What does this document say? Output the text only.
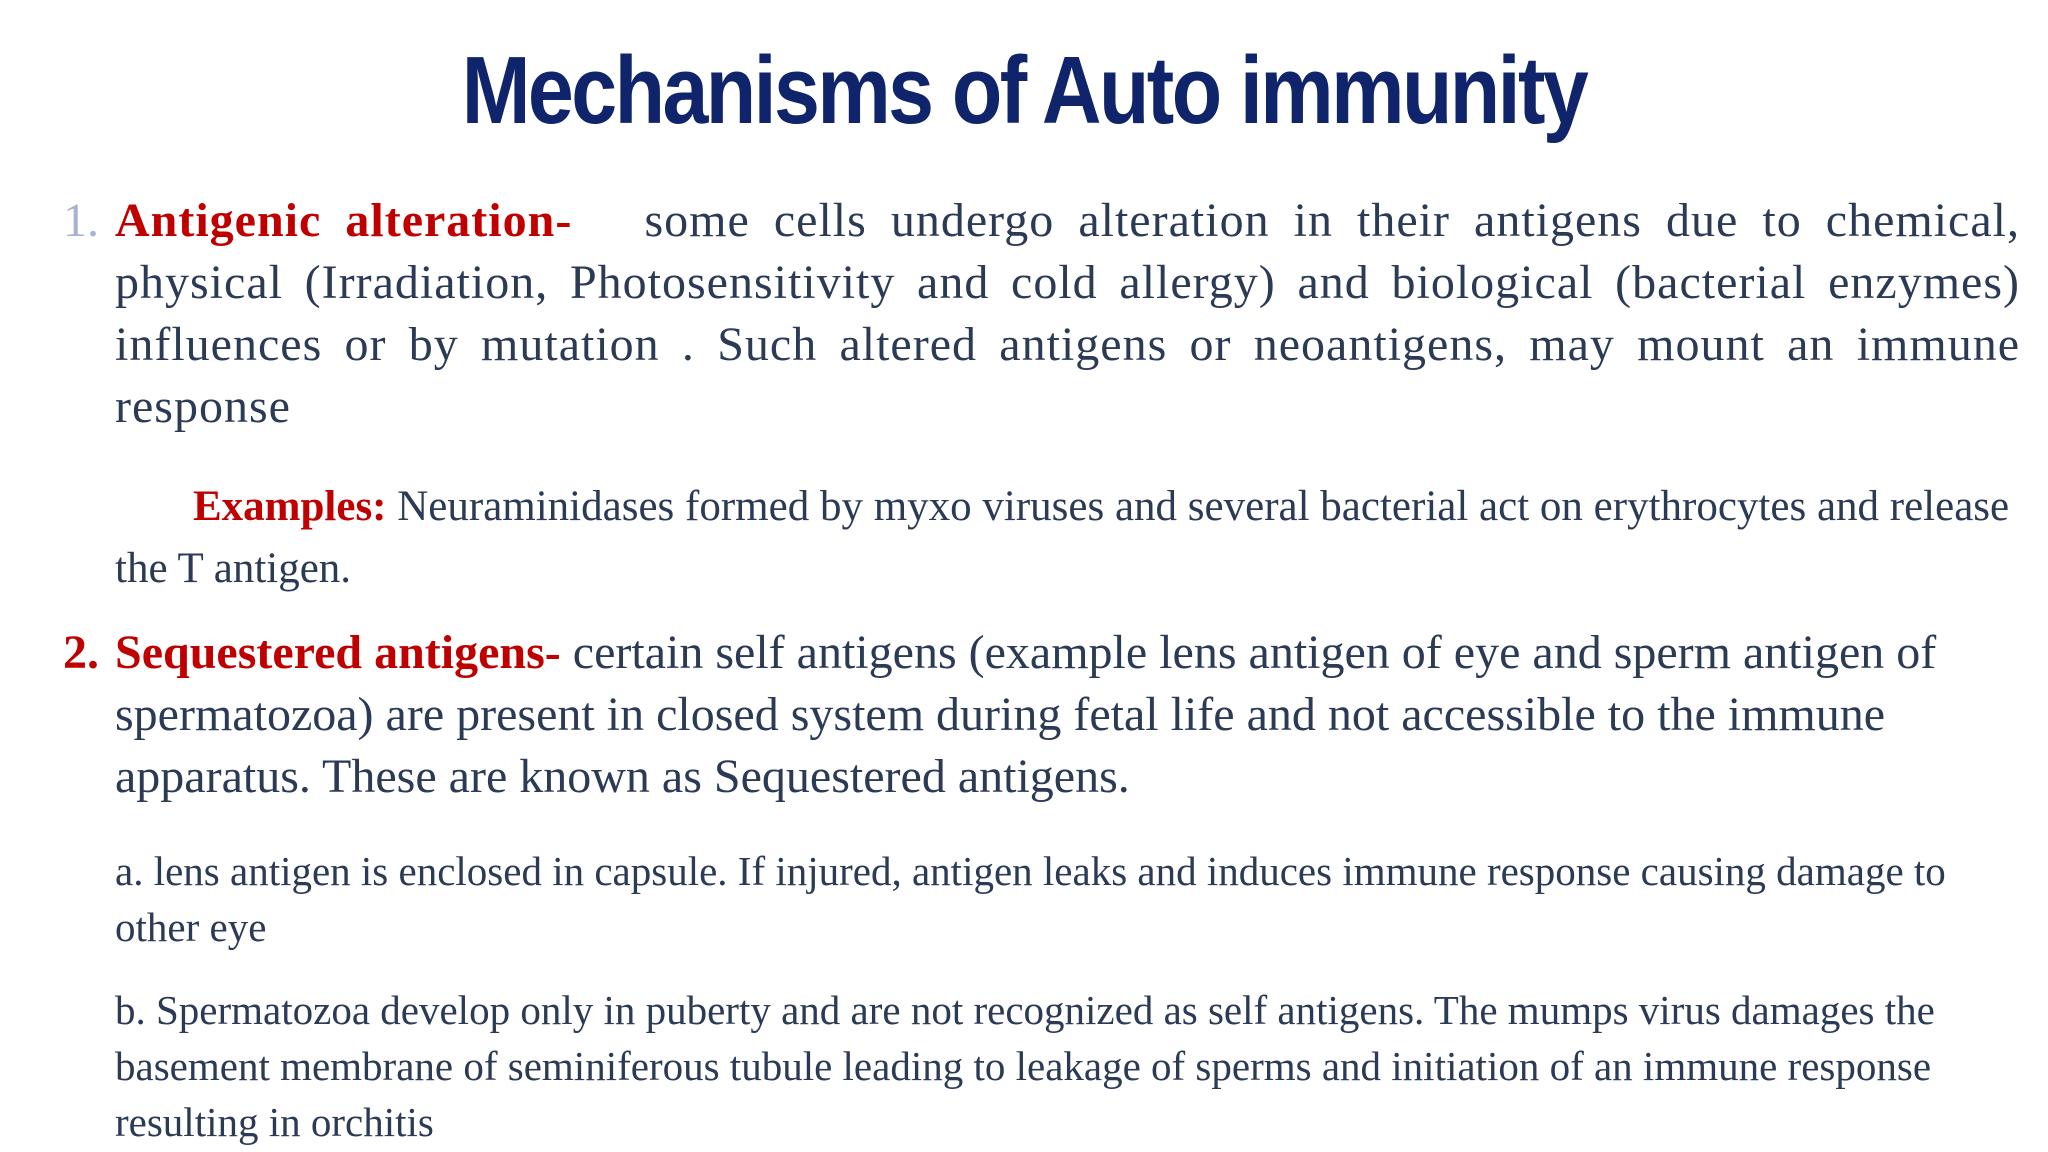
Mechanisms of Auto immunity
1. Antigenic alteration- some cells undergo alteration in their antigens due to chemical, physical (Irradiation, Photosensitivity and cold allergy) and biological (bacterial enzymes) influences or by mutation . Such altered antigens or neoantigens, may mount an immune response
Examples: Neuraminidases formed by myxo viruses and several bacterial act on erythrocytes and release the T antigen.
2. Sequestered antigens- certain self antigens (example lens antigen of eye and sperm antigen of spermatozoa) are present in closed system during fetal life and not accessible to the immune apparatus. These are known as Sequestered antigens.
a. lens antigen is enclosed in capsule. If injured, antigen leaks and induces immune response causing damage to other eye
b. Spermatozoa develop only in puberty and are not recognized as self antigens. The mumps virus damages the basement membrane of seminiferous tubule leading to leakage of sperms and initiation of an immune response resulting in orchitis
